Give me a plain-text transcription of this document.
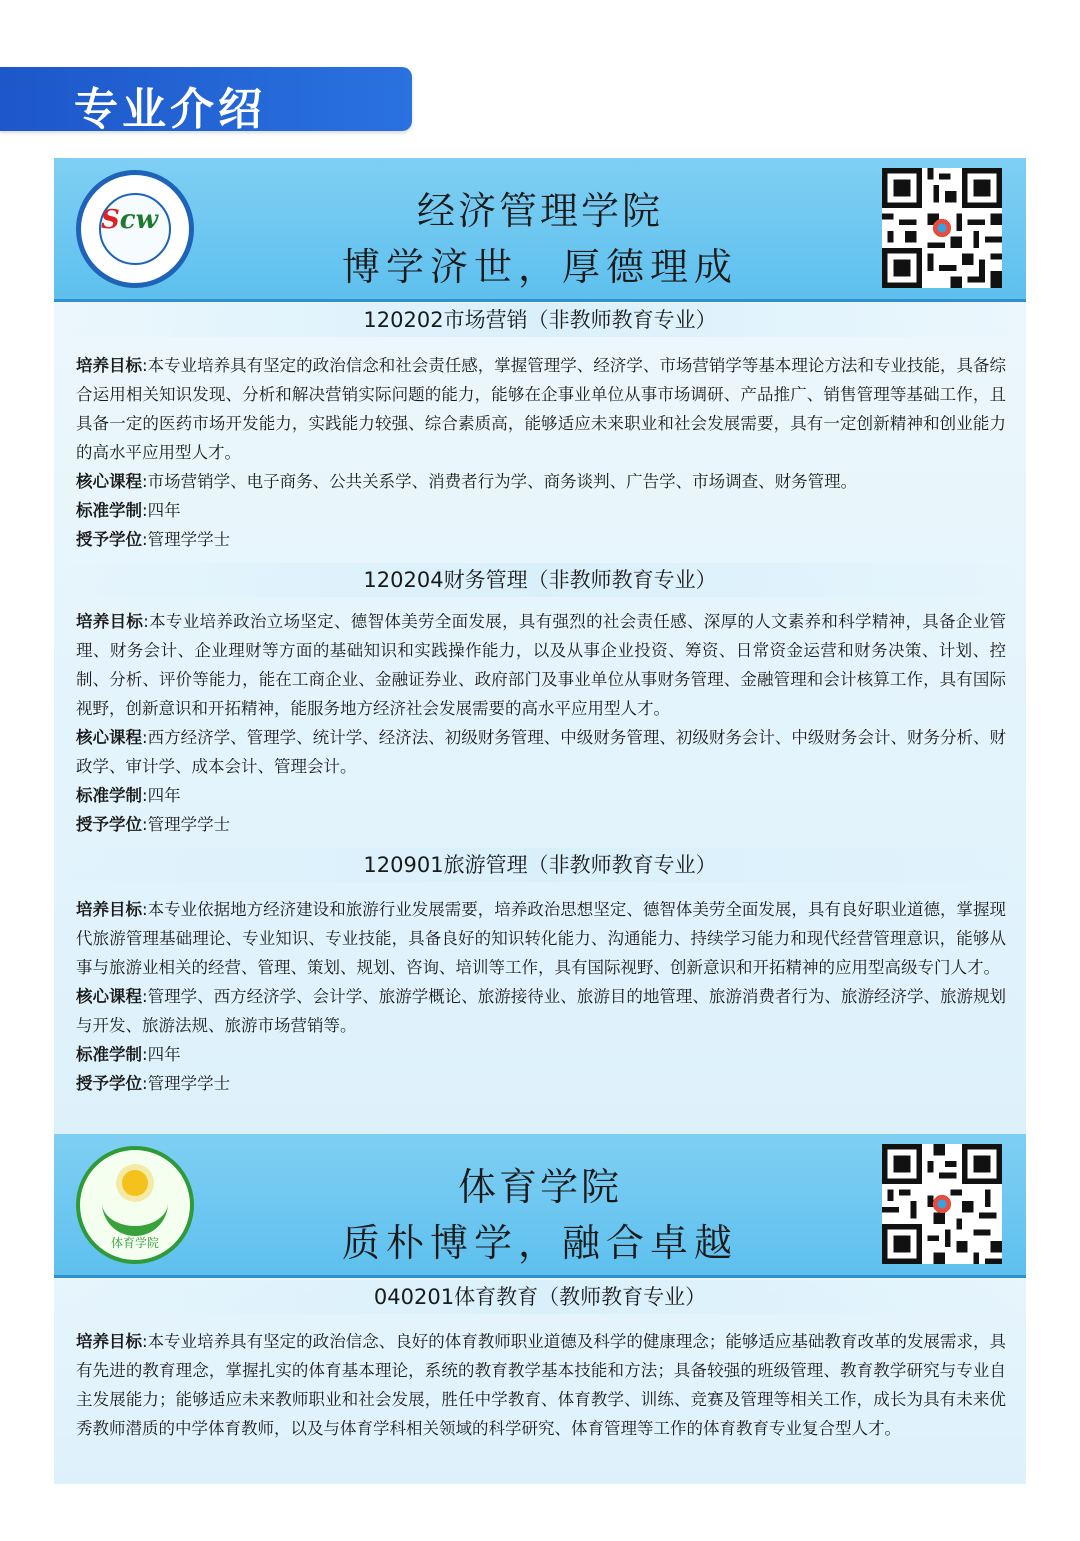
专业介绍
Scw	经济管理学院
博学济世，厚德理成
120202市场营销（非教师教育专业）

培养目标:本专业培养具有坚定的政治信念和社会责任感，掌握管理学、经济学、市场营销学等基本理论方法和专业技能，具备综合运用相关知识发现、分析和解决营销实际问题的能力，能够在企事业单位从事市场调研、产品推广、销售管理等基础工作，且具备一定的医药市场开发能力，实践能力较强、综合素质高，能够适应未来职业和社会发展需要，具有一定创新精神和创业能力的高水平应用型人才。

核心课程:市场营销学、电子商务、公共关系学、消费者行为学、商务谈判、广告学、市场调查、财务管理。

标准学制:四年

授予学位:管理学学士

120204财务管理（非教师教育专业）

培养目标:本专业培养政治立场坚定、德智体美劳全面发展，具有强烈的社会责任感、深厚的人文素养和科学精神，具备企业管理、财务会计、企业理财等方面的基础知识和实践操作能力，以及从事企业投资、筹资、日常资金运营和财务决策、计划、控制、分析、评价等能力，能在工商企业、金融证券业、政府部门及事业单位从事财务管理、金融管理和会计核算工作，具有国际视野，创新意识和开拓精神，能服务地方经济社会发展需要的高水平应用型人才。

核心课程:西方经济学、管理学、统计学、经济法、初级财务管理、中级财务管理、初级财务会计、中级财务会计、财务分析、财政学、审计学、成本会计、管理会计。

标准学制:四年

授予学位:管理学学士

120901旅游管理（非教师教育专业）

培养目标:本专业依据地方经济建设和旅游行业发展需要，培养政治思想坚定、德智体美劳全面发展，具有良好职业道德，掌握现代旅游管理基础理论、专业知识、专业技能，具备良好的知识转化能力、沟通能力、持续学习能力和现代经营管理意识，能够从事与旅游业相关的经营、管理、策划、规划、咨询、培训等工作，具有国际视野、创新意识和开拓精神的应用型高级专门人才。

核心课程:管理学、西方经济学、会计学、旅游学概论、旅游接待业、旅游目的地管理、旅游消费者行为、旅游经济学、旅游规划与开发、旅游法规、旅游市场营销等。

标准学制:四年

授予学位:管理学学士

体育学院
体育学院
质朴博学，融合卓越
040201体育教育（教师教育专业）

培养目标:本专业培养具有坚定的政治信念、良好的体育教师职业道德及科学的健康理念；能够适应基础教育改革的发展需求，具有先进的教育理念，掌握扎实的体育基本理论，系统的教育教学基本技能和方法；具备较强的班级管理、教育教学研究与专业自主发展能力；能够适应未来教师职业和社会发展，胜任中学教育、体育教学、训练、竞赛及管理等相关工作，成长为具有未来优秀教师潜质的中学体育教师，以及与体育学科相关领域的科学研究、体育管理等工作的体育教育专业复合型人才。
